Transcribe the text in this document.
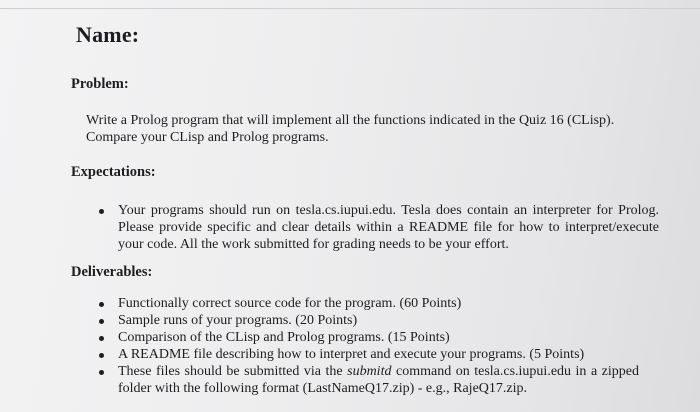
Name:
Problem:
Write a Prolog program that will implement all the functions indicated in the Quiz 16 (CLisp). Compare your CLisp and Prolog programs.
Expectations:
Your programs should run on tesla.cs.iupui.edu. Tesla does contain an interpreter for Prolog. Please provide specific and clear details within a README file for how to interpret/execute your code. All the work submitted for grading needs to be your effort.
Deliverables:
Functionally correct source code for the program. (60 Points)
Sample runs of your programs. (20 Points)
Comparison of the CLisp and Prolog programs. (15 Points)
A README file describing how to interpret and execute your programs. (5 Points)
These files should be submitted via the submitd command on tesla.cs.iupui.edu in a zipped folder with the following format (LastNameQ17.zip) - e.g., RajeQ17.zip.
